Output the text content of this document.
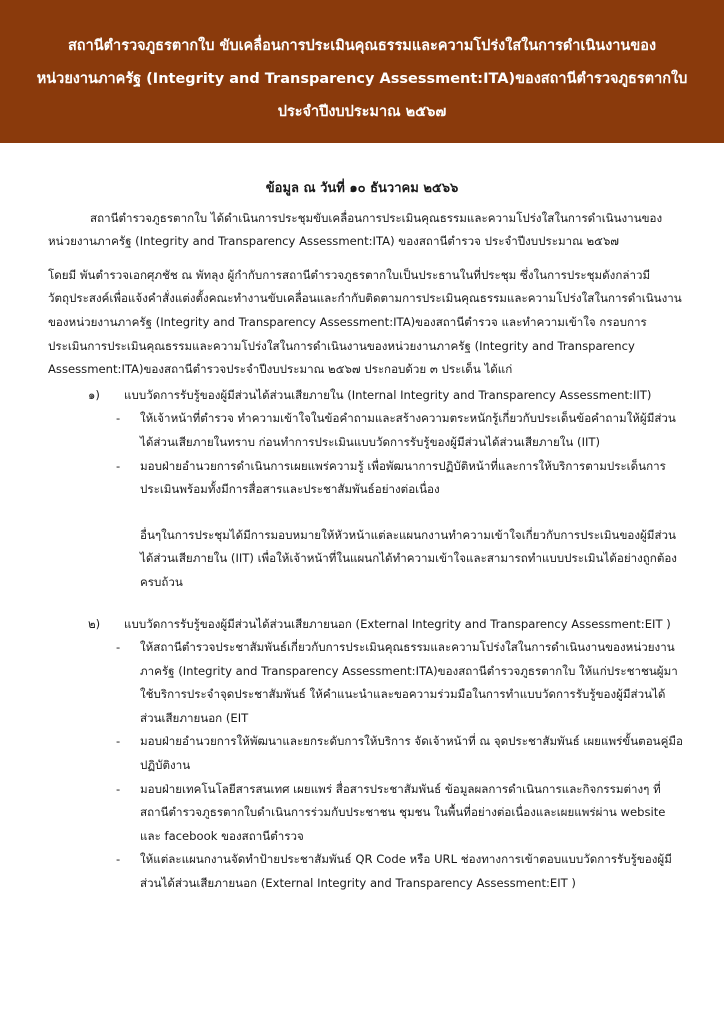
สถานีตำรวจภูธรตากใบ ขับเคลื่อนการประเมินคุณธรรมและความโปร่งใสในการดำเนินงานของ
หน่วยงานภาครัฐ (Integrity and Transparency Assessment:ITA)ของสถานีตำรวจภูธรตากใบ
ประจำปีงบประมาณ ๒๕๖๗
ข้อมูล ณ วันที่ ๑๐ ธันวาคม ๒๕๖๖

สถานีตำรวจภูธรตากใบ ได้ดำเนินการประชุมขับเคลื่อนการประเมินคุณธรรมและความโปร่งใสในการดำเนินงานของหน่วยงานภาครัฐ (Integrity and Transparency Assessment:ITA) ของสถานีตำรวจ ประจำปีงบประมาณ ๒๕๖๗

โดยมี พันตำรวจเอกศุภชัช ณ พัทลุง ผู้กำกับการสถานีตำรวจภูธรตากใบเป็นประธานในที่ประชุม ซึ่งในการประชุมดังกล่าวมีวัตถุประสงค์เพื่อแจ้งคำสั่งแต่งตั้งคณะทำงานขับเคลื่อนและกำกับติดตามการประเมินคุณธรรมและความโปร่งใสในการดำเนินงานของหน่วยงานภาครัฐ (Integrity and Transparency Assessment:ITA)ของสถานีตำรวจ และทำความเข้าใจ กรอบการประเมินการประเมินคุณธรรมและความโปร่งใสในการดำเนินงานของหน่วยงานภาครัฐ (Integrity and Transparency Assessment:ITA)ของสถานีตำรวจประจำปีงบประมาณ ๒๕๖๗ ประกอบด้วย ๓ ประเด็น ได้แก่

๑) แบบวัดการรับรู้ของผู้มีส่วนได้ส่วนเสียภายใน (Internal Integrity and Transparency Assessment:IIT)
- ให้เจ้าหน้าที่ตำรวจ ทำความเข้าใจในข้อคำถามและสร้างความตระหนักรู้เกี่ยวกับประเด็นข้อคำถามให้ผู้มีส่วนได้ส่วนเสียภายในทราบ ก่อนทำการประเมินแบบวัดการรับรู้ของผู้มีส่วนได้ส่วนเสียภายใน (IIT)
- มอบฝ่ายอำนวยการดำเนินการเผยแพร่ความรู้ เพื่อพัฒนาการปฏิบัติหน้าที่และการให้บริการตามประเด็นการประเมินพร้อมทั้งมีการสื่อสารและประชาสัมพันธ์อย่างต่อเนื่อง
อื่นๆในการประชุมได้มีการมอบหมายให้หัวหน้าแต่ละแผนกงานทำความเข้าใจเกี่ยวกับการประเมินของผู้มีส่วนได้ส่วนเสียภายใน (IIT) เพื่อให้เจ้าหน้าที่ในแผนกได้ทำความเข้าใจและสามารถทำแบบประเมินได้อย่างถูกต้องครบถ้วน
๒) แบบวัดการรับรู้ของผู้มีส่วนได้ส่วนเสียภายนอก (External Integrity and Transparency Assessment:EIT )
- ให้สถานีตำรวจประชาสัมพันธ์เกี่ยวกับการประเมินคุณธรรมและความโปร่งใสในการดำเนินงานของหน่วยงานภาครัฐ (Integrity and Transparency Assessment:ITA)ของสถานีตำรวจภูธรตากใบ ให้แก่ประชาชนผู้มาใช้บริการประจำจุดประชาสัมพันธ์ ให้คำแนะนำและขอความร่วมมือในการทำแบบวัดการรับรู้ของผู้มีส่วนได้ส่วนเสียภายนอก (EIT
- มอบฝ่ายอำนวยการให้พัฒนาและยกระดับการให้บริการ จัดเจ้าหน้าที่ ณ จุดประชาสัมพันธ์ เผยแพร่ขั้นตอนคู่มือปฏิบัติงาน
- มอบฝ่ายเทคโนโลยีสารสนเทศ เผยแพร่ สื่อสารประชาสัมพันธ์ ข้อมูลผลการดำเนินการและกิจกรรมต่างๆ ที่สถานีตำรวจภูธรตากใบดำเนินการร่วมกับประชาชน ชุมชน ในพื้นที่อย่างต่อเนื่องและเผยแพร่ผ่าน website และ facebook ของสถานีตำรวจ
- ให้แต่ละแผนกงานจัดทำป้ายประชาสัมพันธ์ QR Code หรือ URL ช่องทางการเข้าตอบแบบวัดการรับรู้ของผู้มีส่วนได้ส่วนเสียภายนอก (External Integrity and Transparency Assessment:EIT )
